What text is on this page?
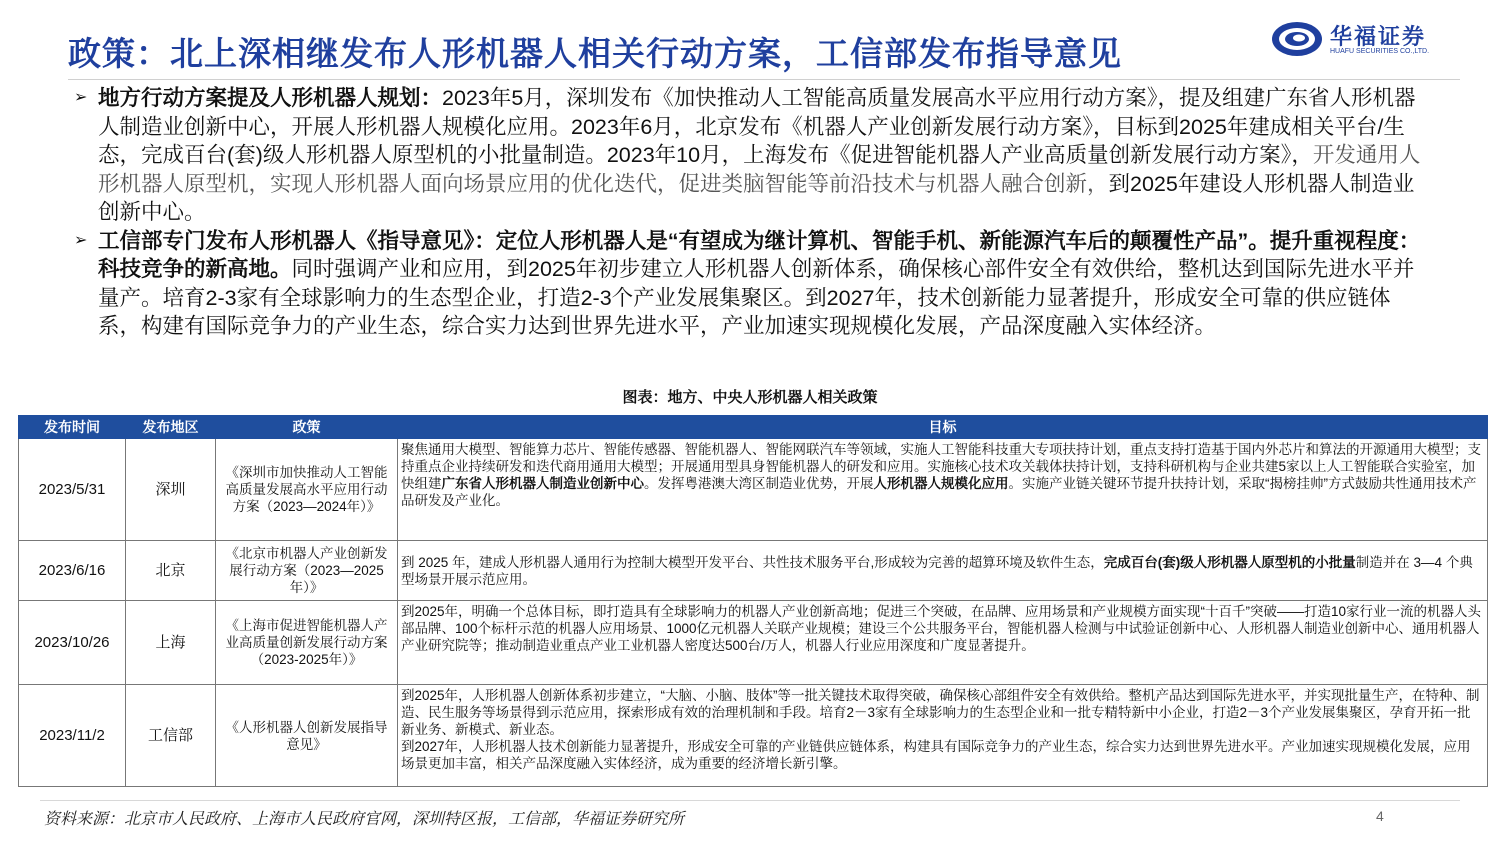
政策：北上深相继发布人形机器人相关行动方案，工信部发布指导意见	华福证券
HUAFU SECURITIES CO.,LTD.
➢ 地方行动方案提及人形机器人规划：2023年5月，深圳发布《加快推动人工智能高质量发展高水平应用行动方案》，提及组建广东省人形机器人制造业创新中心，开展人形机器人规模化应用。2023年6月，北京发布《机器人产业创新发展行动方案》，目标到2025年建成相关平台/生态，完成百台(套)级人形机器人原型机的小批量制造。2023年10月，上海发布《促进智能机器人产业高质量创新发展行动方案》，开发通用人形机器人原型机，实现人形机器人面向场景应用的优化迭代，促进类脑智能等前沿技术与机器人融合创新，到2025年建设人形机器人制造业创新中心。
➢ 工信部专门发布人形机器人《指导意见》：定位人形机器人是“有望成为继计算机、智能手机、新能源汽车后的颠覆性产品”。提升重视程度：科技竞争的新高地。同时强调产业和应用，到2025年初步建立人形机器人创新体系，确保核心部件安全有效供给，整机达到国际先进水平并量产。培育2-3家有全球影响力的生态型企业，打造2-3个产业发展集聚区。到2027年，技术创新能力显著提升，形成安全可靠的供应链体系，构建有国际竞争力的产业生态，综合实力达到世界先进水平，产业加速实现规模化发展，产品深度融入实体经济。
图表：地方、中央人形机器人相关政策
发布时间	发布地区	政策	目标
2023/5/31	深圳	《深圳市加快推动人工智能高质量发展高水平应用行动方案（2023—2024年）》	聚焦通用大模型、智能算力芯片、智能传感器、智能机器人、智能网联汽车等领域，实施人工智能科技重大专项扶持计划，重点支持打造基于国内外芯片和算法的开源通用大模型；支持重点企业持续研发和迭代商用通用大模型；开展通用型具身智能机器人的研发和应用。实施核心技术攻关载体扶持计划，支持科研机构与企业共建5家以上人工智能联合实验室，加快组建广东省人形机器人制造业创新中心。发挥粤港澳大湾区制造业优势，开展人形机器人规模化应用。实施产业链关键环节提升扶持计划，采取“揭榜挂帅”方式鼓励共性通用技术产品研发及产业化。
2023/6/16	北京	《北京市机器人产业创新发展行动方案（2023—2025年）》	到 2025 年，建成人形机器人通用行为控制大模型开发平台、共性技术服务平台,形成较为完善的超算环境及软件生态，完成百台(套)级人形机器人原型机的小批量制造并在 3—4 个典型场景开展示范应用。
2023/10/26	上海	《上海市促进智能机器人产业高质量创新发展行动方案（2023-2025年）》	到2025年，明确一个总体目标，即打造具有全球影响力的机器人产业创新高地；促进三个突破，在品牌、应用场景和产业规模方面实现“十百千”突破——打造10家行业一流的机器人头部品牌、100个标杆示范的机器人应用场景、1000亿元机器人关联产业规模；建设三个公共服务平台，智能机器人检测与中试验证创新中心、人形机器人制造业创新中心、通用机器人产业研究院等；推动制造业重点产业工业机器人密度达500台/万人，机器人行业应用深度和广度显著提升。
2023/11/2	工信部	《人形机器人创新发展指导意见》	到2025年，人形机器人创新体系初步建立，“大脑、小脑、肢体”等一批关键技术取得突破，确保核心部组件安全有效供给。整机产品达到国际先进水平，并实现批量生产，在特种、制造、民生服务等场景得到示范应用，探索形成有效的治理机制和手段。培育2－3家有全球影响力的生态型企业和一批专精特新中小企业，打造2－3个产业发展集聚区，孕育开拓一批新业务、新模式、新业态。
到2027年，人形机器人技术创新能力显著提升，形成安全可靠的产业链供应链体系，构建具有国际竞争力的产业生态，综合实力达到世界先进水平。产业加速实现规模化发展，应用场景更加丰富，相关产品深度融入实体经济，成为重要的经济增长新引擎。
资料来源：北京市人民政府、上海市人民政府官网，深圳特区报，工信部，华福证券研究所	4
